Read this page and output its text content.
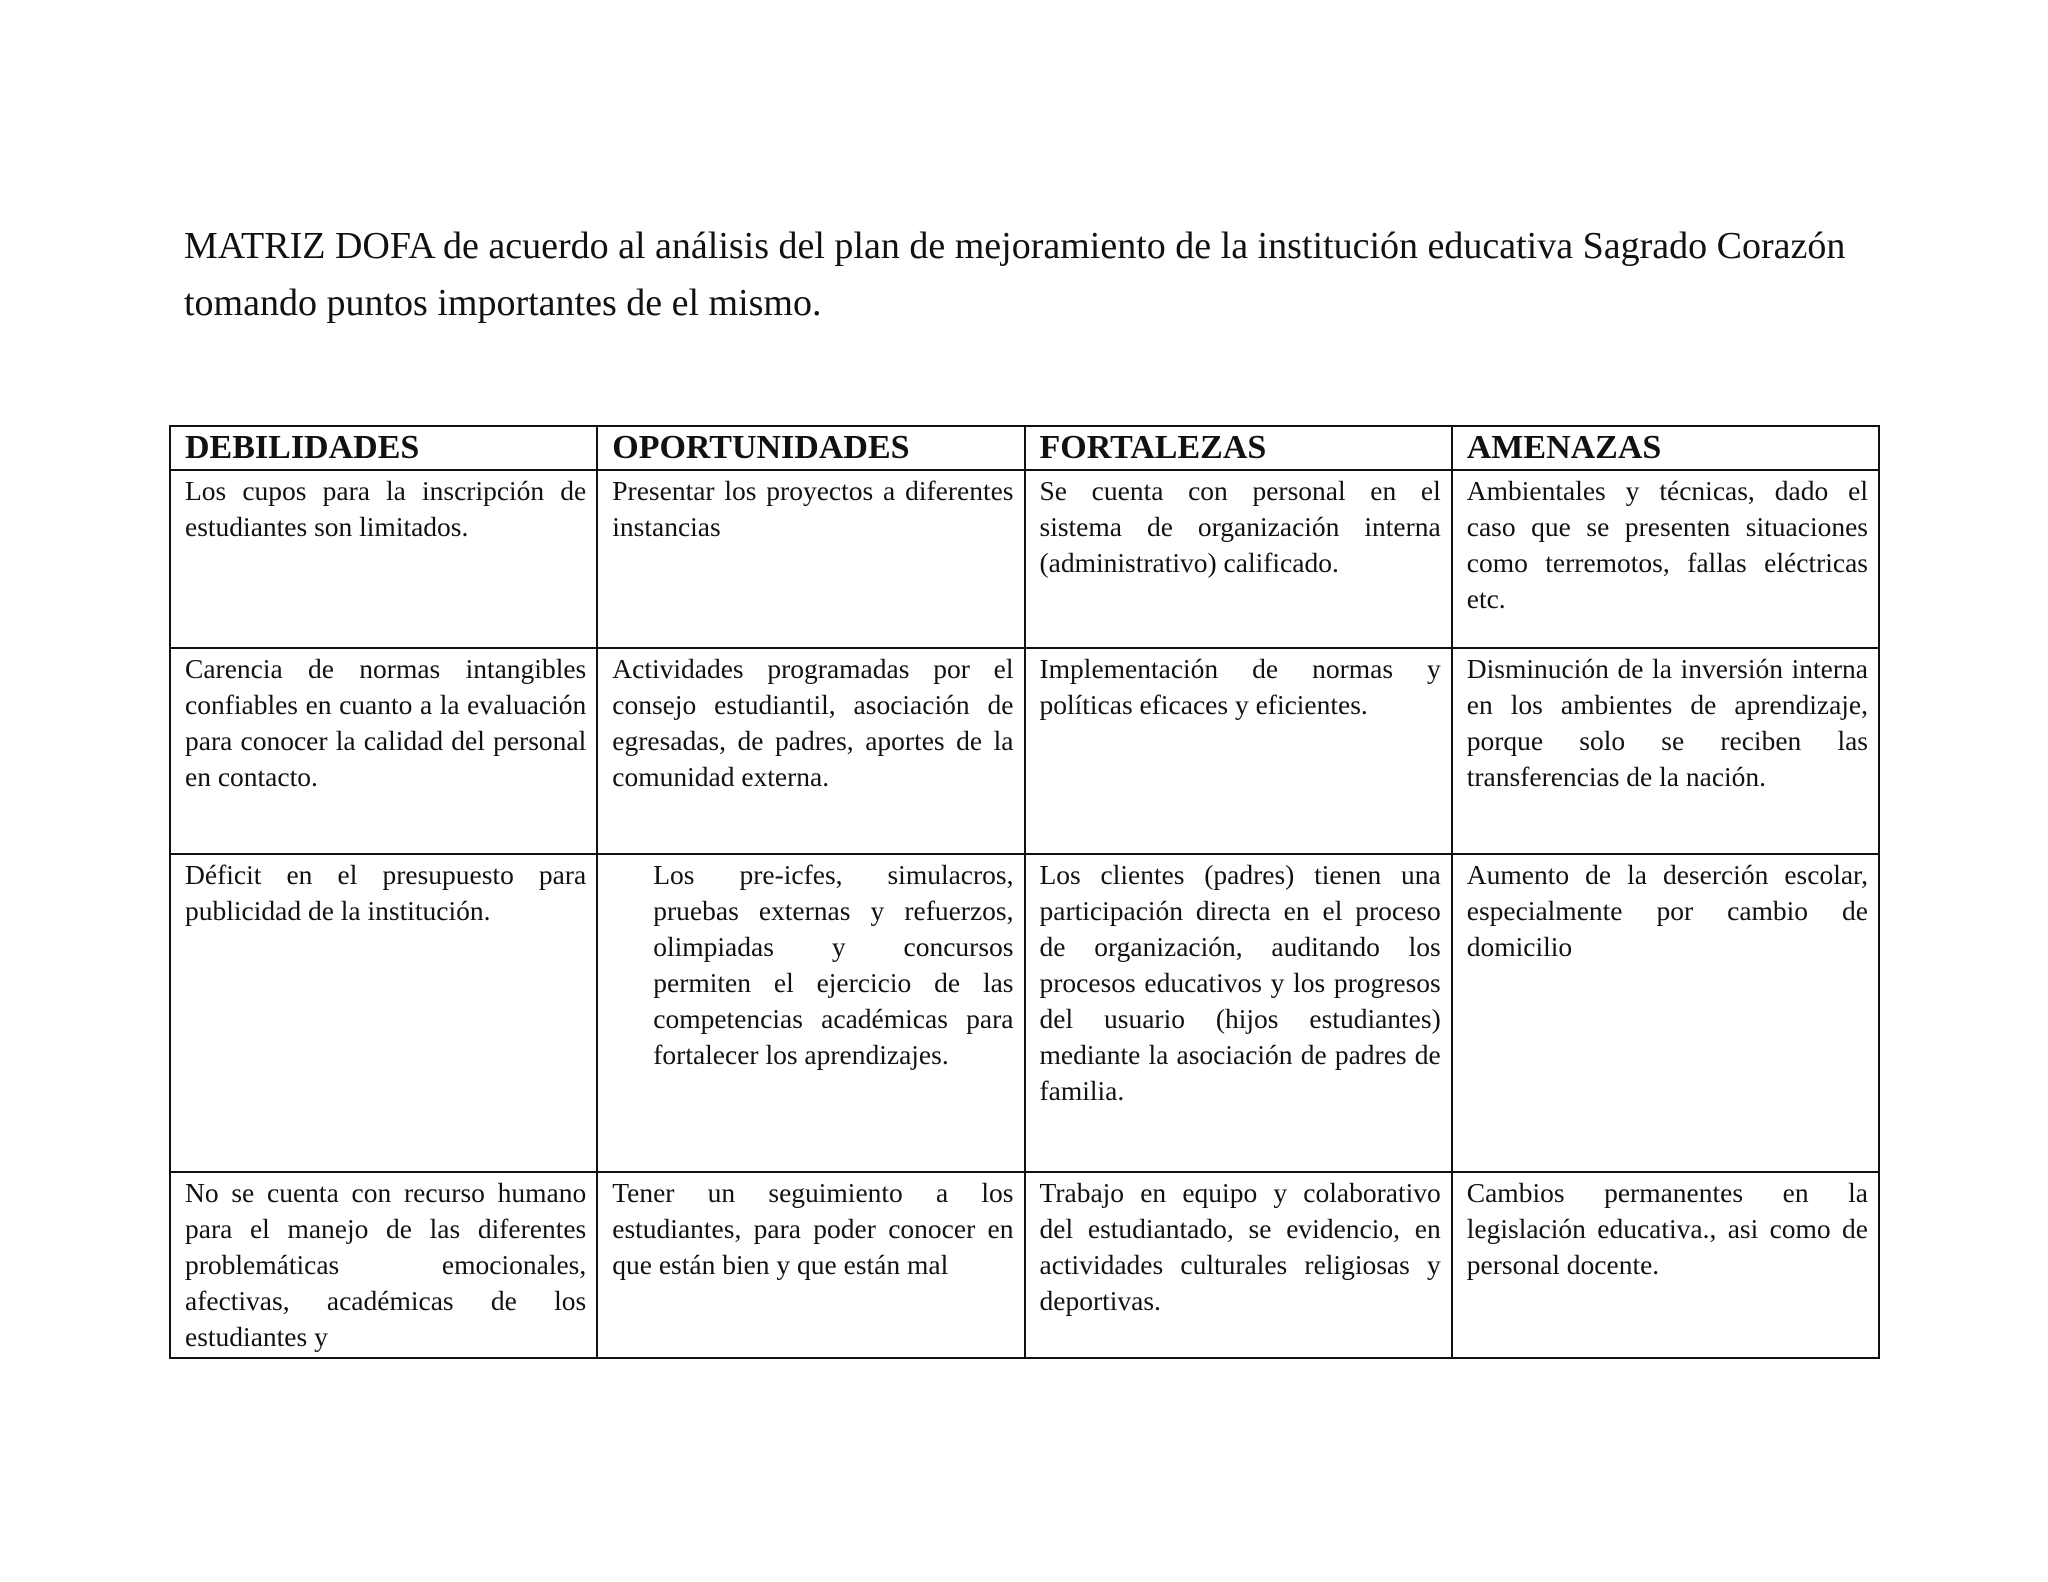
MATRIZ DOFA de acuerdo al análisis del plan de mejoramiento de la institución educativa Sagrado Corazón tomando puntos importantes de el mismo.
DEBILIDADES	OPORTUNIDADES	FORTALEZAS	AMENAZAS
Los cupos para la inscripción de estudiantes son limitados.	Presentar los proyectos a diferentes instancias	Se cuenta con personal en el sistema de organización interna (administrativo) calificado.	Ambientales y técnicas, dado el caso que se presenten situaciones como terremotos, fallas eléctricas etc.
Carencia de normas intangibles confiables en cuanto a la evaluación para conocer la calidad del personal en contacto.	Actividades programadas por el consejo estudiantil, asociación de egresadas, de padres, aportes de la comunidad externa.	Implementación de normas y políticas eficaces y eficientes.	Disminución de la inversión interna en los ambientes de aprendizaje, porque solo se reciben las transferencias de la nación.
Déficit en el presupuesto para publicidad de la institución.	Los pre-icfes, simulacros, pruebas externas y refuerzos, olimpiadas y concursos permiten el ejercicio de las competencias académicas para fortalecer los aprendizajes.	Los clientes (padres) tienen una participación directa en el proceso de organización, auditando los procesos educativos y los progresos del usuario (hijos estudiantes) mediante la asociación de padres de familia.	Aumento de la deserción escolar, especialmente por cambio de domicilio
No se cuenta con recurso humano para el manejo de las diferentes problemáticas emocionales, afectivas, académicas de los estudiantes y	Tener un seguimiento a los estudiantes, para poder conocer en que están bien y que están mal	Trabajo en equipo y colaborativo del estudiantado, se evidencio, en actividades culturales religiosas y deportivas.	Cambios permanentes en la legislación educativa., asi como de personal docente.
